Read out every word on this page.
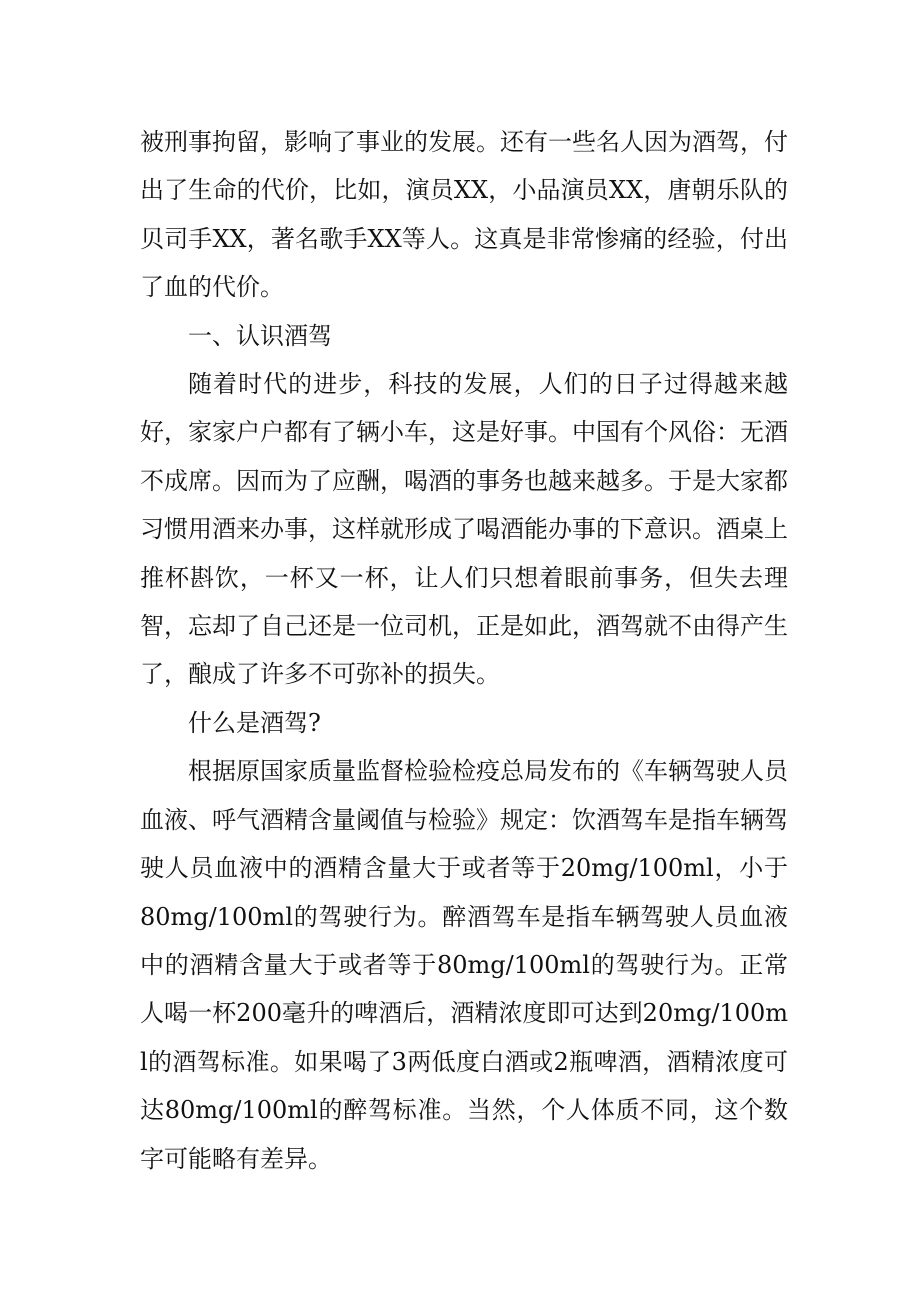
被刑事拘留，影响了事业的发展。还有一些名人因为酒驾，付出了生命的代价，比如，演员XX，小品演员XX，唐朝乐队的贝司手XX，著名歌手XX等人。这真是非常惨痛的经验，付出了血的代价。

一、认识酒驾

随着时代的进步，科技的发展，人们的日子过得越来越好，家家户户都有了辆小车，这是好事。中国有个风俗：无酒不成席。因而为了应酬，喝酒的事务也越来越多。于是大家都习惯用酒来办事，这样就形成了喝酒能办事的下意识。酒桌上推杯斟饮，一杯又一杯，让人们只想着眼前事务，但失去理智，忘却了自己还是一位司机，正是如此，酒驾就不由得产生了，酿成了许多不可弥补的损失。

什么是酒驾?

根据原国家质量监督检验检疫总局发布的《车辆驾驶人员血液、呼气酒精含量阈值与检验》规定：饮酒驾车是指车辆驾驶人员血液中的酒精含量大于或者等于20mg/100ml，小于80mg/100ml的驾驶行为。醉酒驾车是指车辆驾驶人员血液中的酒精含量大于或者等于80mg/100ml的驾驶行为。正常人喝一杯200毫升的啤酒后，酒精浓度即可达到20mg/100ml的酒驾标准。如果喝了3两低度白酒或2瓶啤酒，酒精浓度可达80mg/100ml的醉驾标准。当然，个人体质不同，这个数字可能略有差异。
